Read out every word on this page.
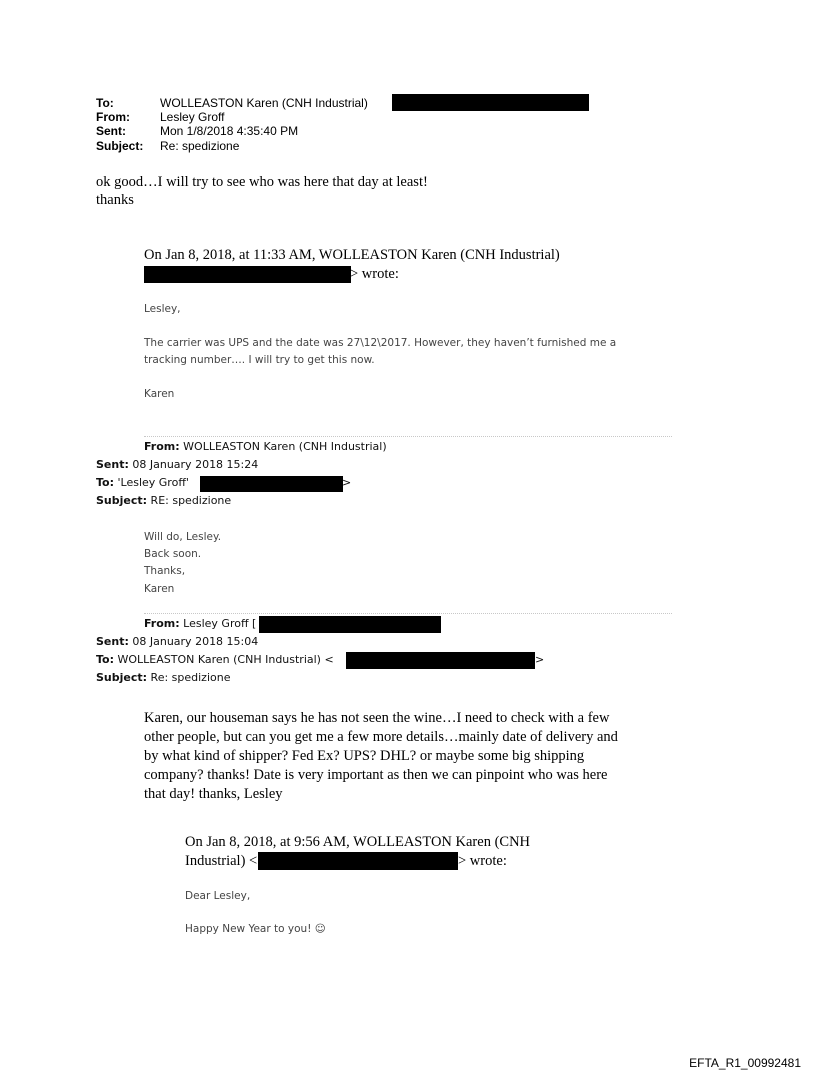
To:	WOLLEASTON Karen (CNH Industrial)
From:	Lesley Groff
Sent:	Mon 1/8/2018 4:35:40 PM
Subject: Re: spedizione
ok good…I will try to see who was here that day at least!
thanks
On Jan 8, 2018, at 11:33 AM, WOLLEASTON Karen (CNH Industrial)
> wrote:
Lesley,
The carrier was UPS and the date was 27\12\2017. However, they haven’t furnished me a
tracking number…. I will try to get this now.
Karen
From: WOLLEASTON Karen (CNH Industrial)
Sent: 08 January 2018 15:24
To: 'Lesley Groff'	>
Subject: RE: spedizione
Will do, Lesley.
Back soon.
Thanks,
Karen
From: Lesley Groff [
Sent: 08 January 2018 15:04
To: WOLLEASTON Karen (CNH Industrial) <	>
Subject: Re: spedizione
Karen, our houseman says he has not seen the wine…I need to check with a few
other people, but can you get me a few more details…mainly date of delivery and
by what kind of shipper? Fed Ex? UPS? DHL? or maybe some big shipping
company? thanks! Date is very important as then we can pinpoint who was here
that day! thanks, Lesley
On Jan 8, 2018, at 9:56 AM, WOLLEASTON Karen (CNH
Industrial) <	> wrote:
Dear Lesley,
Happy New Year to you! ☺
EFTA_R1_00992481
